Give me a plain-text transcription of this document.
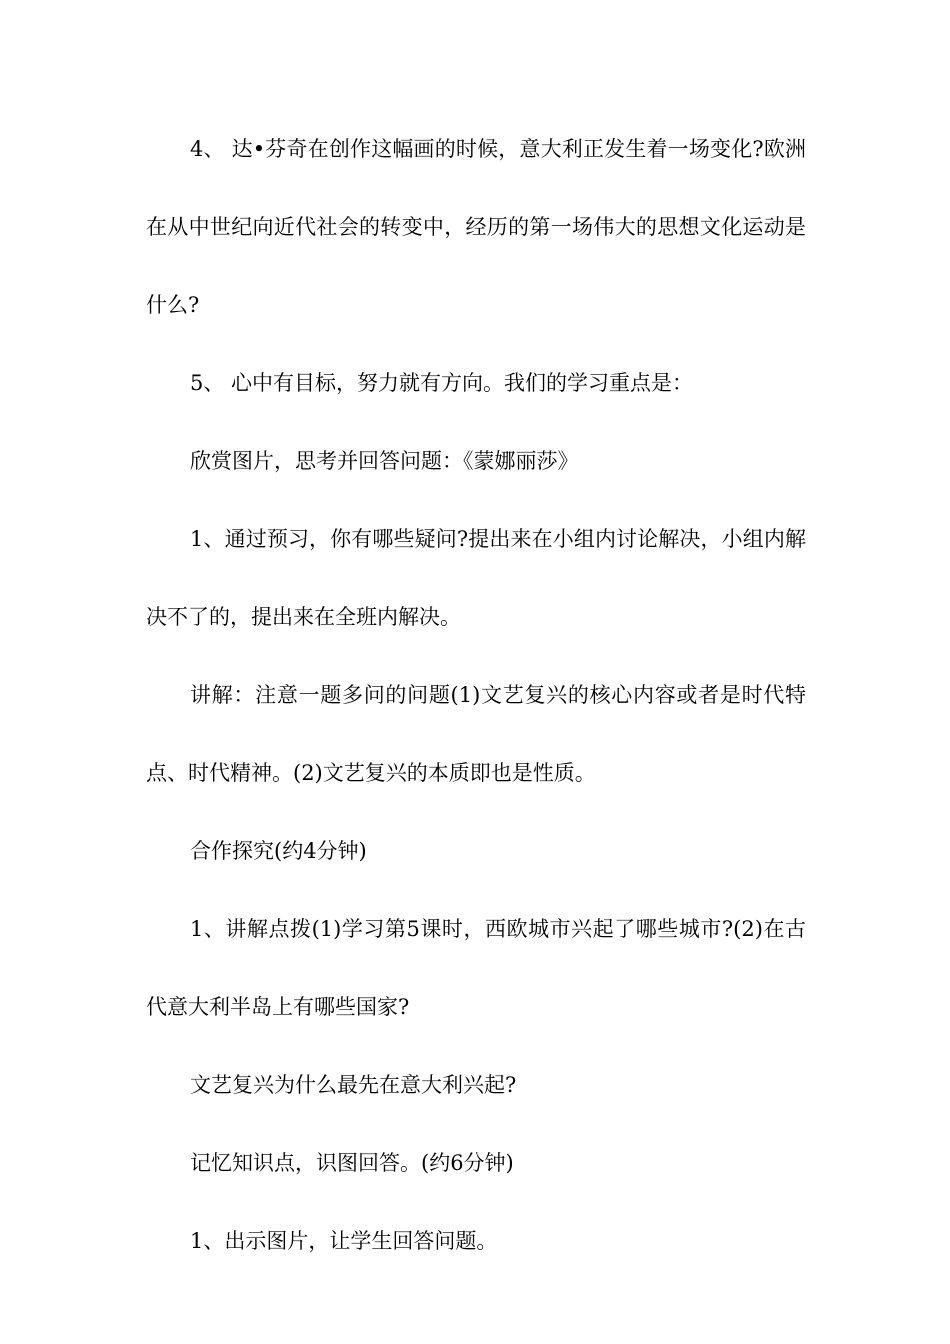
4、 达•芬奇在创作这幅画的时候，意大利正发生着一场变化?欧洲在从中世纪向近代社会的转变中，经历的第一场伟大的思想文化运动是什么?

5、 心中有目标，努力就有方向。我们的学习重点是：

欣赏图片，思考并回答问题：《蒙娜丽莎》

1、通过预习，你有哪些疑问?提出来在小组内讨论解决，小组内解决不了的，提出来在全班内解决。

讲解：注意一题多问的问题(1)文艺复兴的核心内容或者是时代特点、时代精神。(2)文艺复兴的本质即也是性质。

合作探究(约4分钟)

1、讲解点拨(1)学习第5课时，西欧城市兴起了哪些城市?(2)在古代意大利半岛上有哪些国家?

文艺复兴为什么最先在意大利兴起?

记忆知识点，识图回答。(约6分钟)

1、出示图片，让学生回答问题。
